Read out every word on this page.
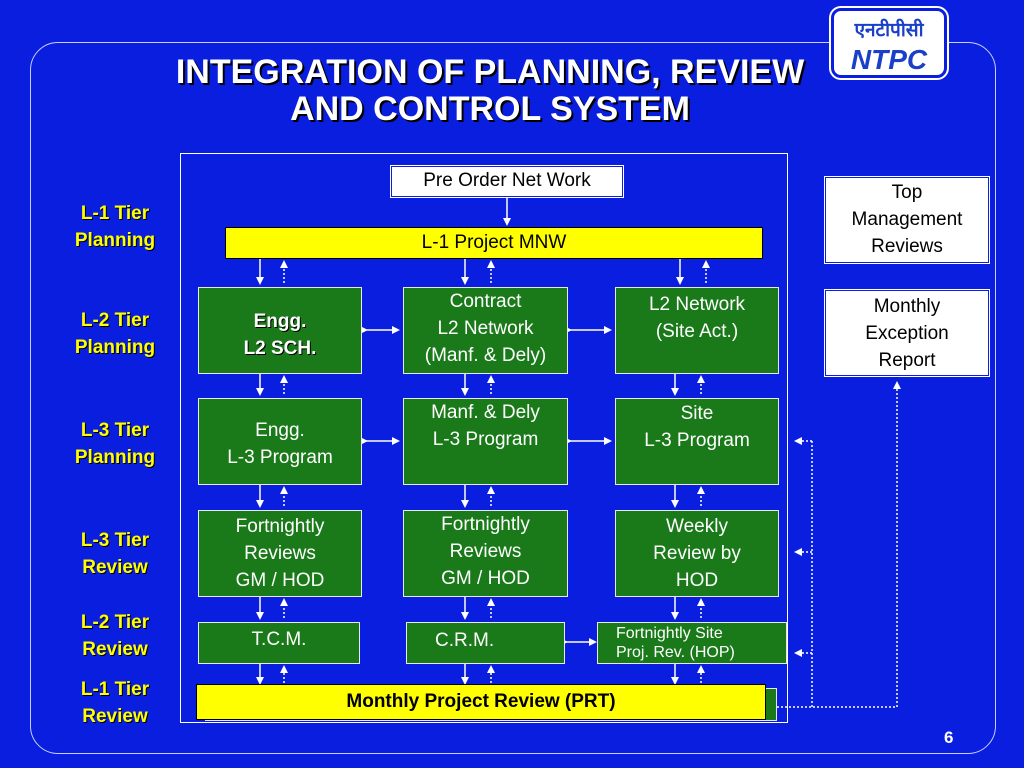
एनटीपीसी
NTPC
INTEGRATION OF PLANNING, REVIEW
AND CONTROL SYSTEM
L-1 Tier
Planning
L-2 Tier
Planning
L-3 Tier
Planning
L-3 Tier
Review
L-2 Tier
Review
L-1 Tier
Review
Pre Order Net Work
L-1 Project MNW
Engg.
L2 SCH.
Contract
L2 Network
(Manf. & Dely)
L2 Network
(Site Act.)
Engg.
L-3 Program
Manf. & Dely
L-3 Program
Site
L-3 Program
Fortnightly
Reviews
GM / HOD
Fortnightly
Reviews
GM / HOD
Weekly
Review by
HOD
T.C.M.	C.R.M.	Fortnightly Site
Proj. Rev. (HOP)
Monthly Project Review (PRT)
Top
Management
Reviews
Monthly
Exception
Report
6
